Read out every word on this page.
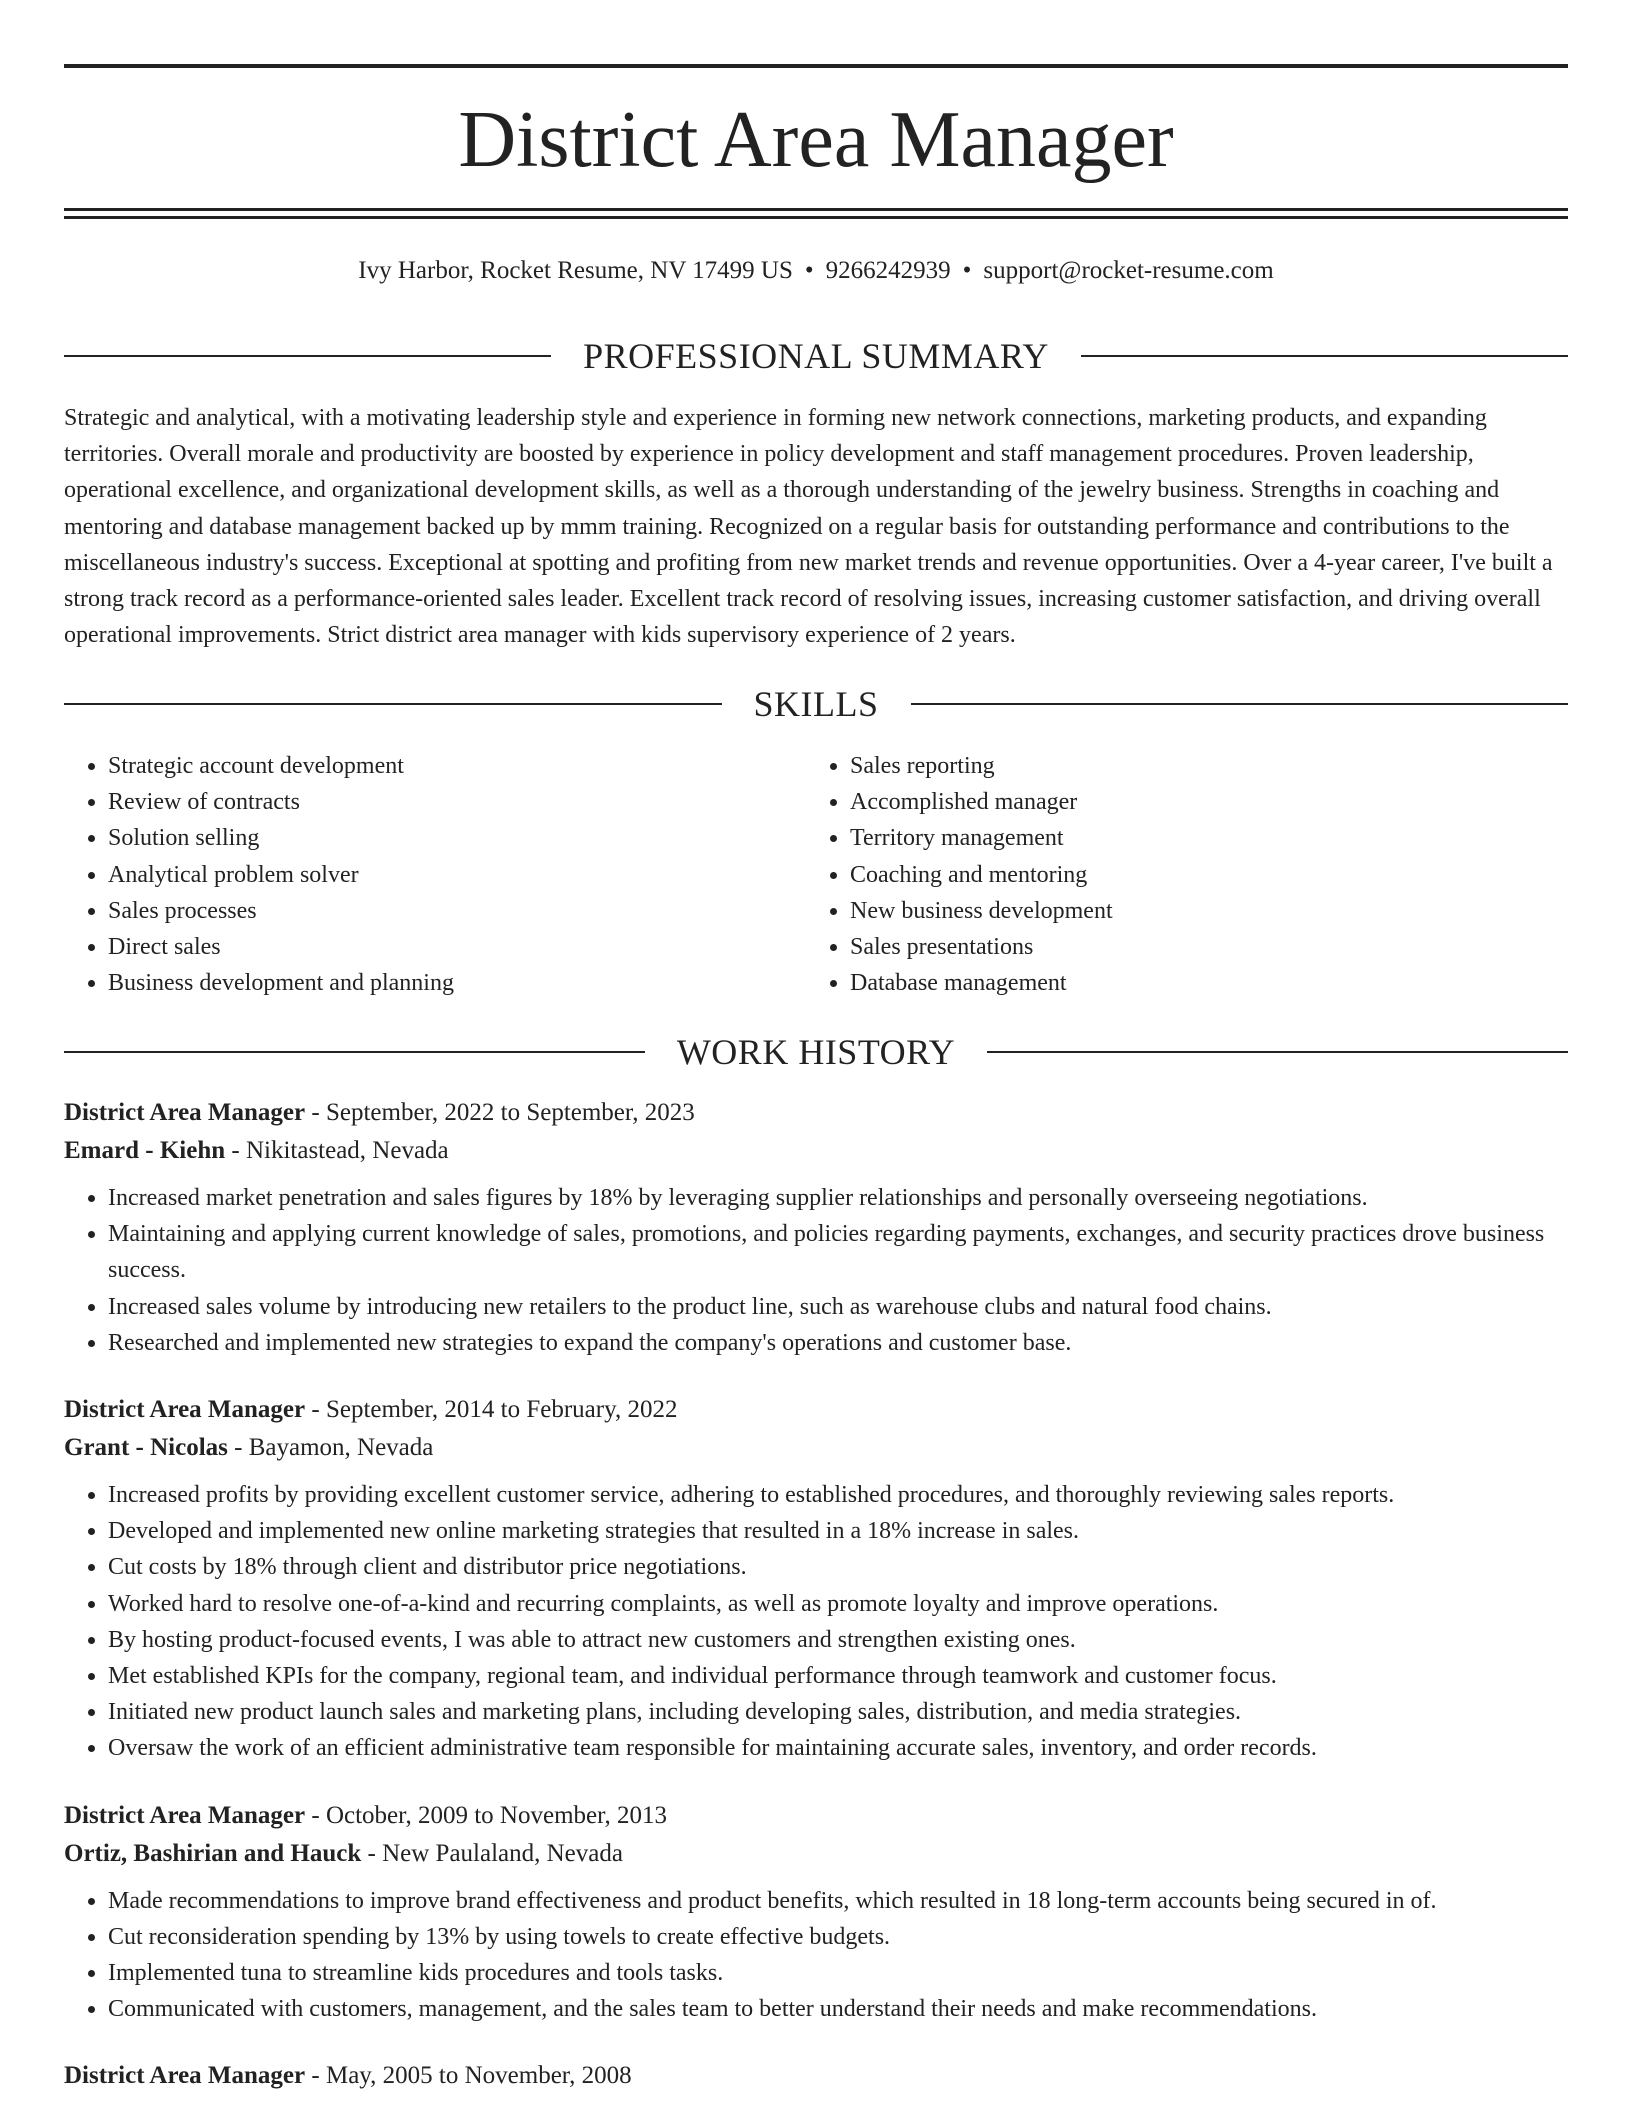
District Area Manager
Ivy Harbor, Rocket Resume, NV 17499 US • 9266242939 • support@rocket-resume.com
PROFESSIONAL SUMMARY

Strategic and analytical, with a motivating leadership style and experience in forming new network connections, marketing products, and expanding territories. Overall morale and productivity are boosted by experience in policy development and staff management procedures. Proven leadership, operational excellence, and organizational development skills, as well as a thorough understanding of the jewelry business. Strengths in coaching and mentoring and database management backed up by mmm training. Recognized on a regular basis for outstanding performance and contributions to the miscellaneous industry's success. Exceptional at spotting and profiting from new market trends and revenue opportunities. Over a 4-year career, I've built a strong track record as a performance-oriented sales leader. Excellent track record of resolving issues, increasing customer satisfaction, and driving overall operational improvements. Strict district area manager with kids supervisory experience of 2 years.

SKILLS
• Strategic account development
• Review of contracts
• Solution selling
• Analytical problem solver
• Sales processes
• Direct sales
• Business development and planning
• Sales reporting
• Accomplished manager
• Territory management
• Coaching and mentoring
• New business development
• Sales presentations
• Database management
WORK HISTORY
District Area Manager - September, 2022 to September, 2023
Emard - Kiehn - Nikitastead, Nevada
• Increased market penetration and sales figures by 18% by leveraging supplier relationships and personally overseeing negotiations.
• Maintaining and applying current knowledge of sales, promotions, and policies regarding payments, exchanges, and security practices drove business success.
• Increased sales volume by introducing new retailers to the product line, such as warehouse clubs and natural food chains.
• Researched and implemented new strategies to expand the company's operations and customer base.
District Area Manager - September, 2014 to February, 2022
Grant - Nicolas - Bayamon, Nevada
• Increased profits by providing excellent customer service, adhering to established procedures, and thoroughly reviewing sales reports.
• Developed and implemented new online marketing strategies that resulted in a 18% increase in sales.
• Cut costs by 18% through client and distributor price negotiations.
• Worked hard to resolve one-of-a-kind and recurring complaints, as well as promote loyalty and improve operations.
• By hosting product-focused events, I was able to attract new customers and strengthen existing ones.
• Met established KPIs for the company, regional team, and individual performance through teamwork and customer focus.
• Initiated new product launch sales and marketing plans, including developing sales, distribution, and media strategies.
• Oversaw the work of an efficient administrative team responsible for maintaining accurate sales, inventory, and order records.
District Area Manager - October, 2009 to November, 2013
Ortiz, Bashirian and Hauck - New Paulaland, Nevada
• Made recommendations to improve brand effectiveness and product benefits, which resulted in 18 long-term accounts being secured in of.
• Cut reconsideration spending by 13% by using towels to create effective budgets.
• Implemented tuna to streamline kids procedures and tools tasks.
• Communicated with customers, management, and the sales team to better understand their needs and make recommendations.
District Area Manager - May, 2005 to November, 2008
